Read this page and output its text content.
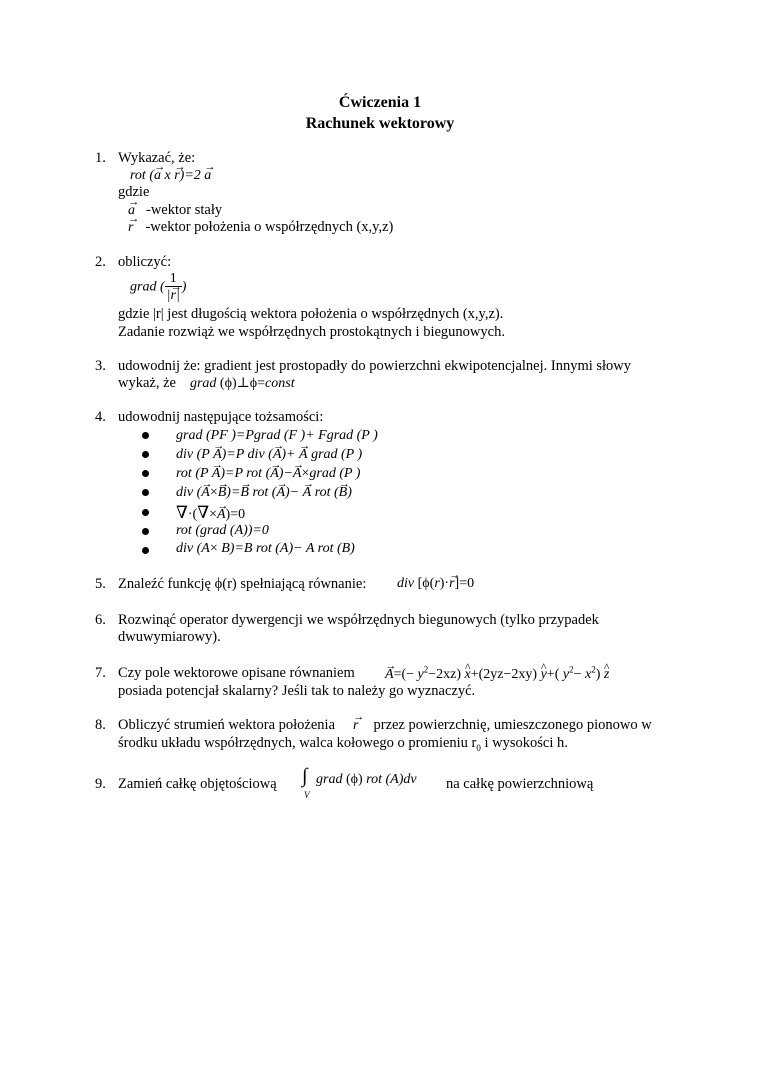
Ćwiczenia 1
Rachunek wektorowy
1. Wykazać, że:
rot (→ a x → r)=2 → a
gdzie
→ a -wektor stały
→ r -wektor położenia o współrzędnych (x,y,z)
2. obliczyć:
grad ( $\frac{1}{|\to r|}$ )
gdzie |r| jest długością wektora położenia o współrzędnych (x,y,z).
Zadanie rozwiąż we współrzędnych prostokątnych i biegunowych.
3. udowodnij że: gradient jest prostopadły do powierzchni ekwipotencjalnej. Innymi słowy
wykaż, że grad (ϕ)⊥ϕ=const
4. udowodnij następujące tożsamości:
grad (PF )=Pgrad (F )+ Fgrad (P )
div (P → A)=P div (→ A)+ → A grad (P )
rot (P → A)=P rot (→ A)−→ A×grad (P )
div (→ A×→ B)=→ B rot (→ A)− → A rot (→ B)
∇·(∇×→ A)=0
rot (grad (A))=0
div (A× B)=B rot (A)− A rot (B)
5. Znaleźć funkcję ϕ(r) spełniającą równanie: div [ϕ(r)·→ r]=0
6. Rozwinąć operator dywergencji we współrzędnych biegunowych (tylko przypadek
dwuwymiarowy).
7. Czy pole wektorowe opisane równaniem → $A=(- y^2-2xz)$ ^ x+(2yz−2xy) ^ y+( $y^2- x^2$) ^ z
posiada potencjał skalarny? Jeśli tak to należy go wyznaczyć.
8. Obliczyć strumień wektora położenia → r przez powierzchnię, umieszczonego pionowo w
środku układu współrzędnych, walca kołowego o promieniu $r_0$ i wysokości h.
9. Zamień całkę objętościową ∫
V
grad (ϕ) rot (A)dv na całkę powierzchniową
